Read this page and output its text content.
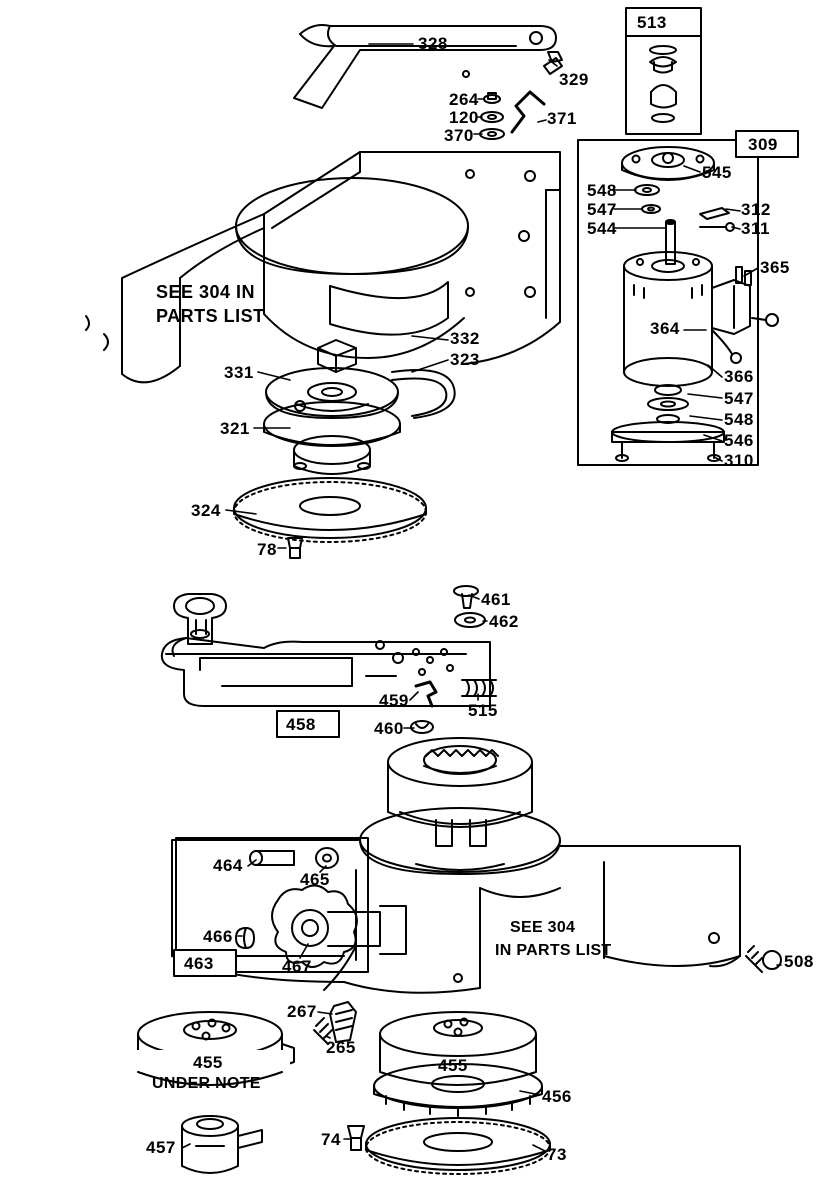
513
309
458
463
SEE 304 IN
PARTS LIST
SEE 304
IN PARTS LIST
UNDER NOTE
328
329
264
120
370
371
545
548
547
544
312
311
365
364
366
547
548
546
310
332
323
331
321
324
78
461
462
459
515
460
464
465
466
467	508
267
265
455	455
456
457	74
73
